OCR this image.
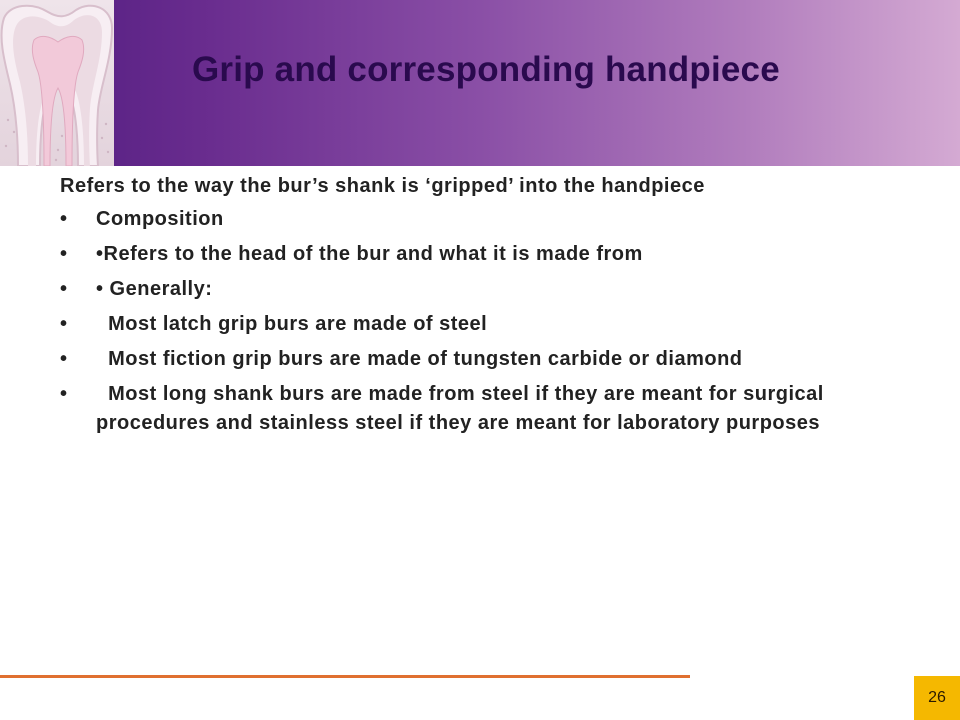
Grip and corresponding handpiece

Refers to the way the bur’s shank is ‘gripped’ into the handpiece

•	Composition
•	•Refers to the head of the bur and what it is made from
•	• Generally:
•	Most latch grip burs are made of steel
•	Most fiction grip burs are made of tungsten carbide or diamond
•	Most long shank burs are made from steel if they are meant for surgical procedures and stainless steel if they are meant for laboratory purposes
26
